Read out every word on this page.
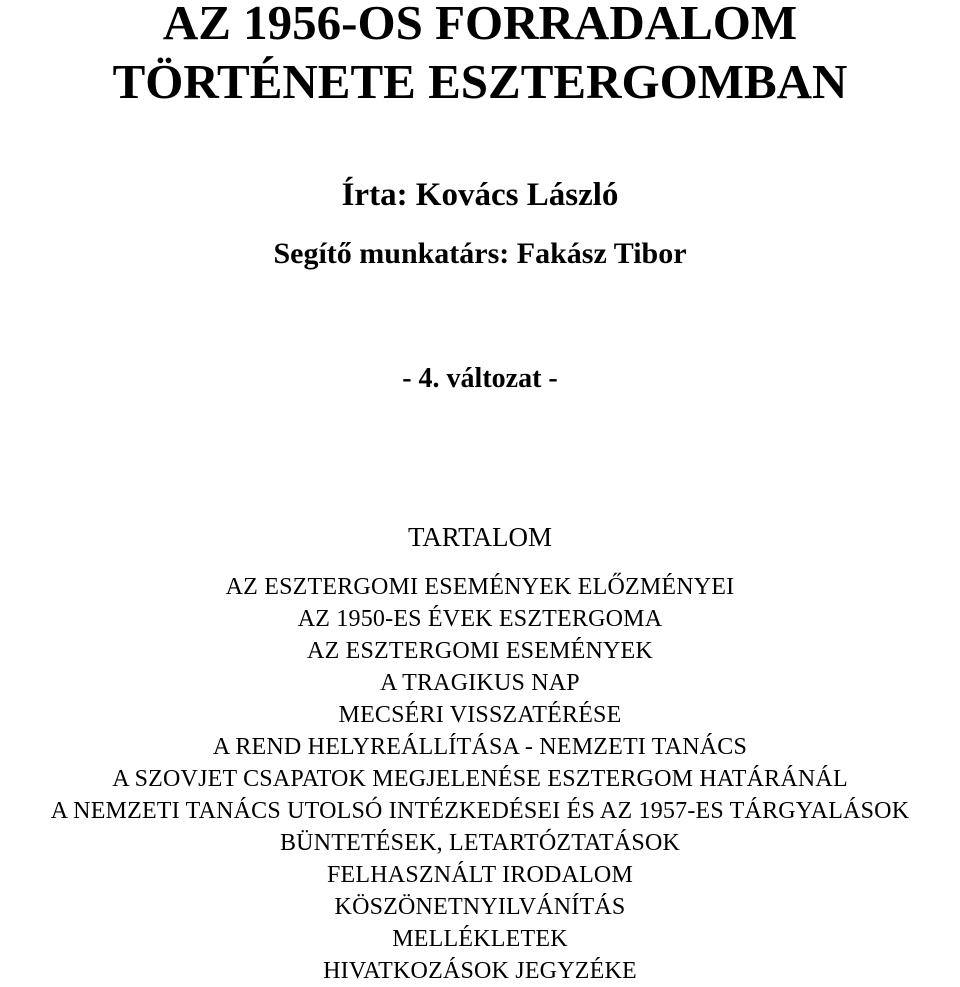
AZ 1956-OS FORRADALOM
TÖRTÉNETE ESZTERGOMBAN
Írta: Kovács László
Segítő munkatárs: Fakász Tibor
- 4. változat -
TARTALOM
AZ ESZTERGOMI ESEMÉNYEK ELŐZMÉNYEI
AZ 1950-ES ÉVEK ESZTERGOMA
AZ ESZTERGOMI ESEMÉNYEK
A TRAGIKUS NAP
MECSÉRI VISSZATÉRÉSE
A REND HELYREÁLLÍTÁSA - NEMZETI TANÁCS
A SZOVJET CSAPATOK MEGJELENÉSE ESZTERGOM HATÁRÁNÁL
A NEMZETI TANÁCS UTOLSÓ INTÉZKEDÉSEI ÉS AZ 1957-ES TÁRGYALÁSOK
BÜNTETÉSEK, LETARTÓZTATÁSOK
FELHASZNÁLT IRODALOM
KÖSZÖNETNYILVÁNÍTÁS
MELLÉKLETEK
HIVATKOZÁSOK JEGYZÉKE
